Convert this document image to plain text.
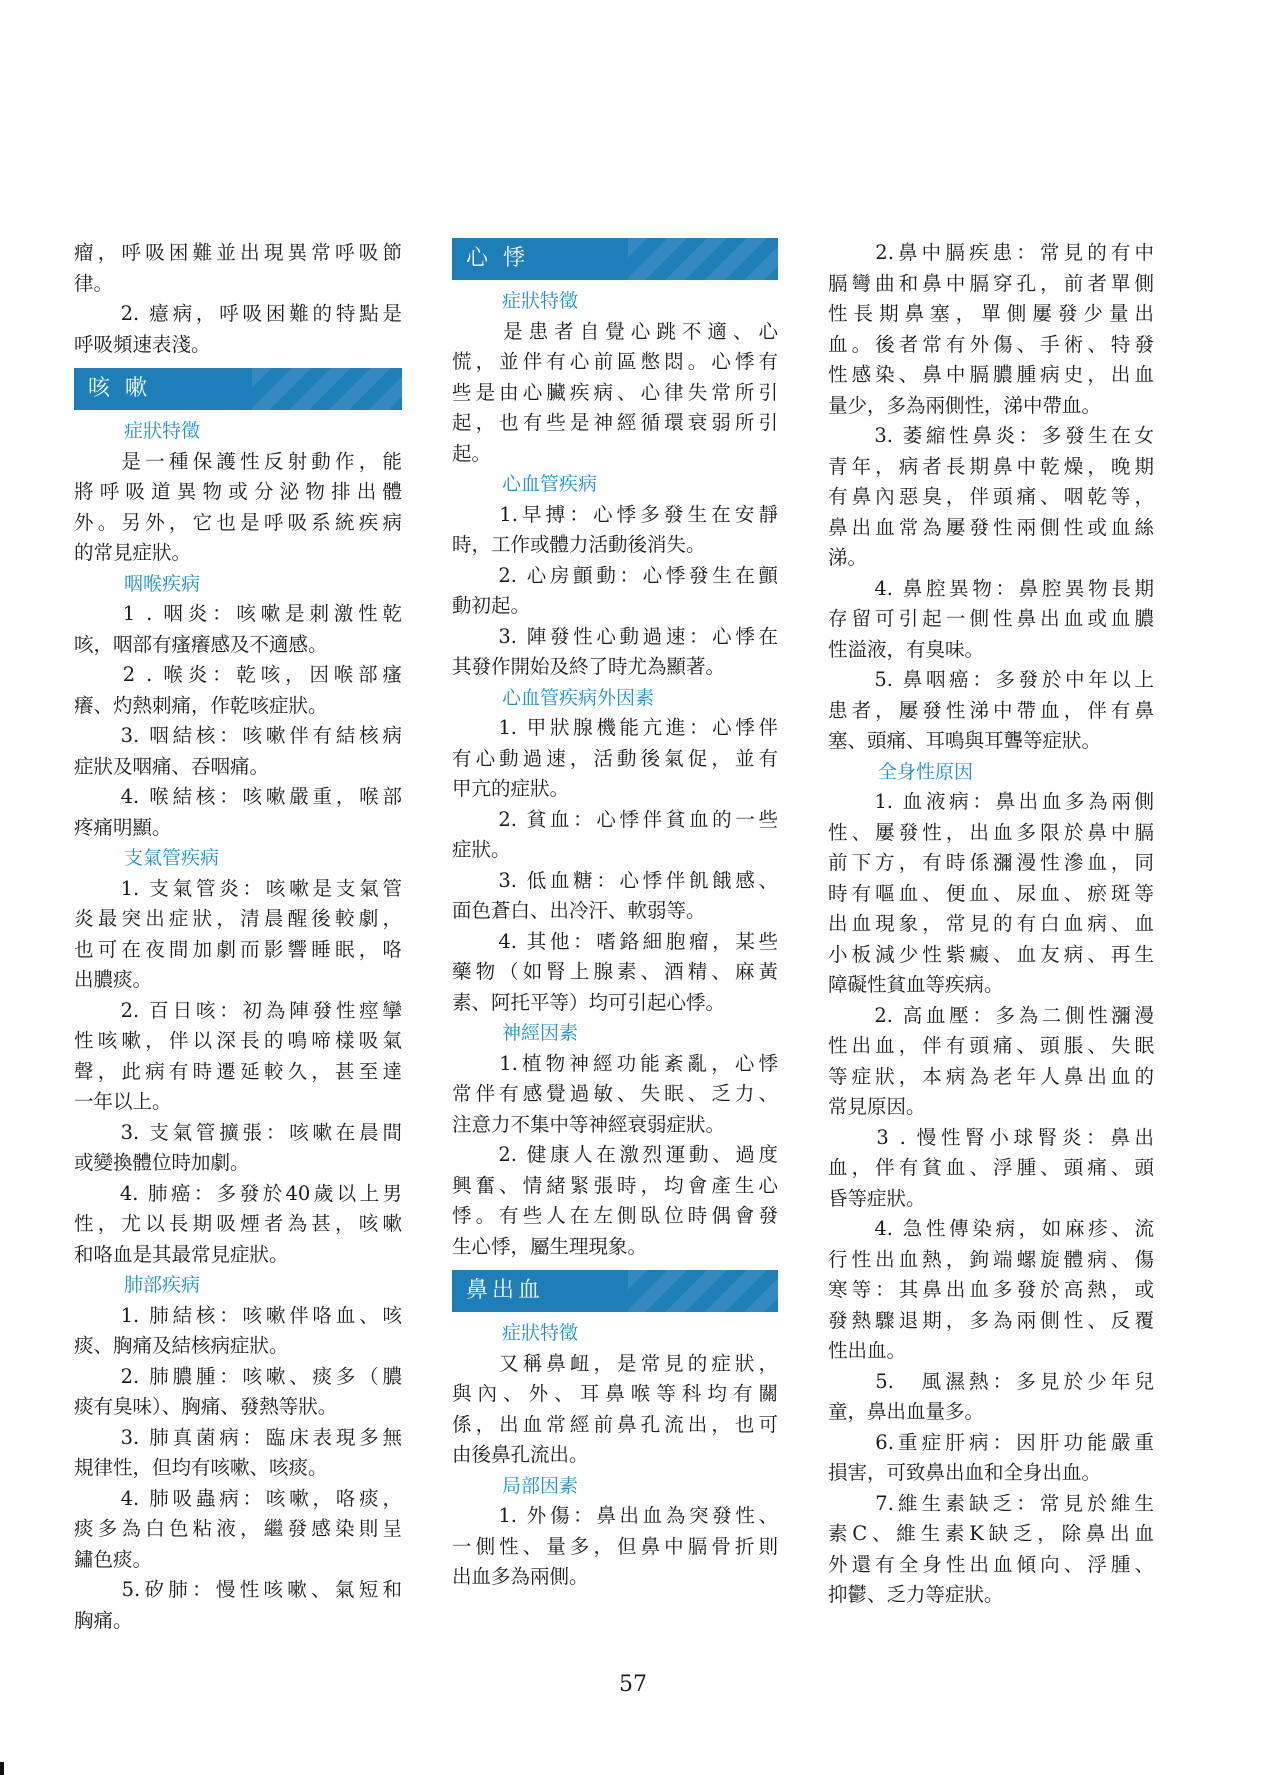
瘤，呼吸困難並出現異常呼吸節
律。
　　2. 癔病，呼吸困難的特點是
呼吸頻速表淺。
咳 嗽
症狀特徵
　　是一種保護性反射動作，能
將呼吸道異物或分泌物排出體
外。另外，它也是呼吸系統疾病
的常見症狀。
咽喉疾病
　　1 . 咽炎：咳嗽是刺激性乾
咳，咽部有瘙癢感及不適感。
　　2 . 喉炎：乾咳，因喉部瘙
癢、灼熱刺痛，作乾咳症狀。
　　3. 咽結核：咳嗽伴有結核病
症狀及咽痛、吞咽痛。
　　4. 喉結核：咳嗽嚴重，喉部
疼痛明顯。
支氣管疾病
　　1. 支氣管炎：咳嗽是支氣管
炎最突出症狀，清晨醒後較劇，
也可在夜間加劇而影響睡眠，咯
出膿痰。
　　2. 百日咳：初為陣發性痙攣
性咳嗽，伴以深長的鳴啼樣吸氣
聲，此病有時遷延較久，甚至達
一年以上。
　　3. 支氣管擴張：咳嗽在晨間
或變換體位時加劇。
　　4. 肺癌：多發於40歲以上男
性，尤以長期吸煙者為甚，咳嗽
和咯血是其最常見症狀。
肺部疾病
　　1. 肺結核：咳嗽伴咯血、咳
痰、胸痛及結核病症狀。
　　2. 肺膿腫：咳嗽、痰多（膿
痰有臭味）、胸痛、發熱等狀。
　　3. 肺真菌病：臨床表現多無
規律性，但均有咳嗽、咳痰。
　　4. 肺吸蟲病：咳嗽，咯痰，
痰多為白色粘液，繼發感染則呈
鏽色痰。
　　5.矽肺：慢性咳嗽、氣短和
胸痛。
心 悸
症狀特徵
　　是患者自覺心跳不適、心
慌，並伴有心前區憋悶。心悸有
些是由心臟疾病、心律失常所引
起，也有些是神經循環衰弱所引
起。
心血管疾病
　　1.早搏：心悸多發生在安靜
時，工作或體力活動後消失。
　　2. 心房顫動：心悸發生在顫
動初起。
　　3. 陣發性心動過速：心悸在
其發作開始及終了時尤為顯著。
心血管疾病外因素
　　1. 甲狀腺機能亢進：心悸伴
有心動過速，活動後氣促，並有
甲亢的症狀。
　　2. 貧血：心悸伴貧血的一些
症狀。
　　3. 低血糖：心悸伴飢餓感、
面色蒼白、出冷汗、軟弱等。
　　4. 其他：嗜鉻細胞瘤，某些
藥物（如腎上腺素、酒精、麻黃
素、阿托平等）均可引起心悸。
神經因素
　　1.植物神經功能紊亂，心悸
常伴有感覺過敏、失眠、乏力、
注意力不集中等神經衰弱症狀。
　　2. 健康人在激烈運動、過度
興奮、情緒緊張時，均會產生心
悸。有些人在左側臥位時偶會發
生心悸，屬生理現象。
鼻出血
症狀特徵
　　又稱鼻衄，是常見的症狀，
與內、外、耳鼻喉等科均有關
係，出血常經前鼻孔流出，也可
由後鼻孔流出。
局部因素
　　1. 外傷：鼻出血為突發性、
一側性、量多，但鼻中膈骨折則
出血多為兩側。
　　2.鼻中膈疾患：常見的有中
膈彎曲和鼻中膈穿孔，前者單側
性長期鼻塞，單側屢發少量出
血。後者常有外傷、手術、特發
性感染、鼻中膈膿腫病史，出血
量少，多為兩側性，涕中帶血。
　　3. 萎縮性鼻炎：多發生在女
青年，病者長期鼻中乾燥，晚期
有鼻內惡臭，伴頭痛、咽乾等，
鼻出血常為屢發性兩側性或血絲
涕。
　　4. 鼻腔異物：鼻腔異物長期
存留可引起一側性鼻出血或血膿
性溢液，有臭味。
　　5. 鼻咽癌：多發於中年以上
患者，屢發性涕中帶血，伴有鼻
塞、頭痛、耳鳴與耳聾等症狀。
全身性原因
　　1. 血液病：鼻出血多為兩側
性、屢發性，出血多限於鼻中膈
前下方，有時係瀰漫性滲血，同
時有嘔血、便血、尿血、瘀斑等
出血現象，常見的有白血病、血
小板減少性紫癜、血友病、再生
障礙性貧血等疾病。
　　2. 高血壓：多為二側性瀰漫
性出血，伴有頭痛、頭脹、失眠
等症狀，本病為老年人鼻出血的
常見原因。
　　3 . 慢性腎小球腎炎：鼻出
血，伴有貧血、浮腫、頭痛、頭
昏等症狀。
　　4. 急性傳染病，如麻疹、流
行性出血熱，鉤端螺旋體病、傷
寒等：其鼻出血多發於高熱，或
發熱驟退期，多為兩側性、反覆
性出血。
　　5.　風濕熱：多見於少年兒
童，鼻出血量多。
　　6.重症肝病：因肝功能嚴重
損害，可致鼻出血和全身出血。
　　7.維生素缺乏：常見於維生
素C、維生素K缺乏，除鼻出血
外還有全身性出血傾向、浮腫、
抑鬱、乏力等症狀。
57
